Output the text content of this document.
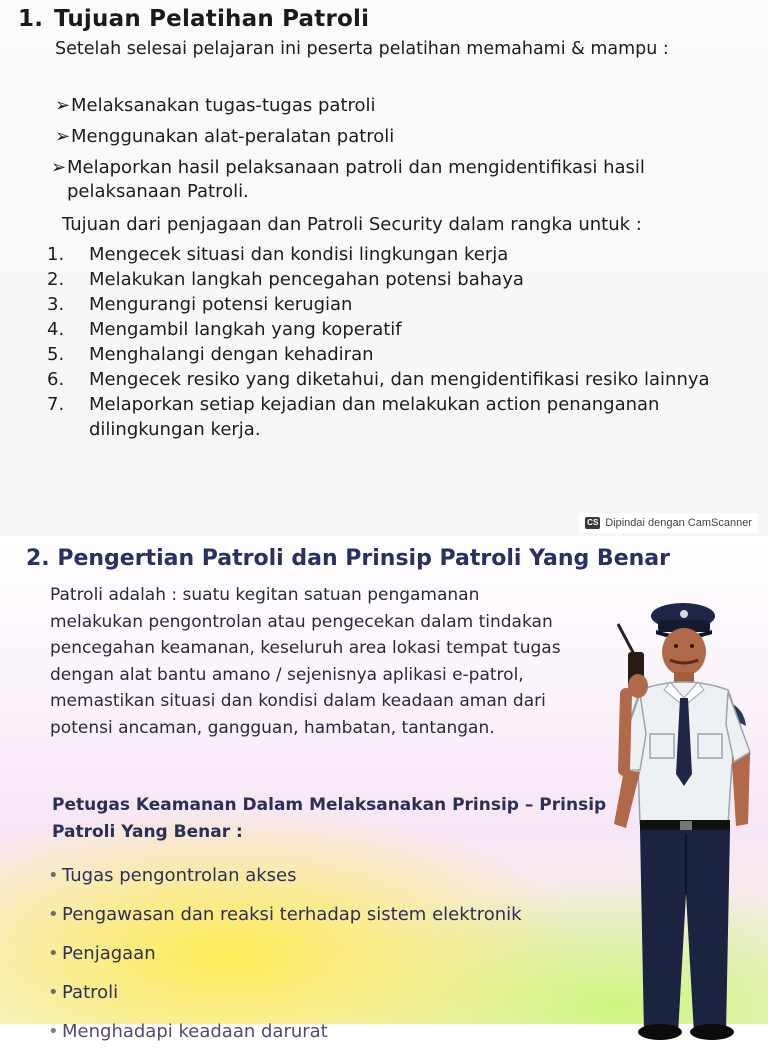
1. Tujuan Pelatihan Patroli

Setelah selesai pelajaran ini peserta pelatihan memahami & mampu :

➢Melaksanakan tugas-tugas patroli
➢Menggunakan alat-peralatan patroli
➢Melaporkan hasil pelaksanaan patroli dan mengidentifikasi hasil pelaksanaan Patroli.

Tujuan dari penjagaan dan Patroli Security dalam rangka untuk :

1. Mengecek situasi dan kondisi lingkungan kerja
2. Melakukan langkah pencegahan potensi bahaya
3. Mengurangi potensi kerugian
4. Mengambil langkah yang koperatif
5. Menghalangi dengan kehadiran
6. Mengecek resiko yang diketahui, dan mengidentifikasi resiko lainnya
7. Melaporkan setiap kejadian dan melakukan action penanganan dilingkungan kerja.
CS Dipindai dengan CamScanner
2. Pengertian Patroli dan Prinsip Patroli Yang Benar

Patroli adalah : suatu kegitan satuan pengamanan melakukan pengontrolan atau pengecekan dalam tindakan pencegahan keamanan, keseluruh area lokasi tempat tugas dengan alat bantu amano / sejenisnya aplikasi e-patrol, memastikan situasi dan kondisi dalam keadaan aman dari potensi ancaman, gangguan, hambatan, tantangan.

Petugas Keamanan Dalam Melaksanakan Prinsip – Prinsip Patroli Yang Benar :

• Tugas pengontrolan akses
• Pengawasan dan reaksi terhadap sistem elektronik
• Penjagaan
• Patroli
• Menghadapi keadaan darurat
